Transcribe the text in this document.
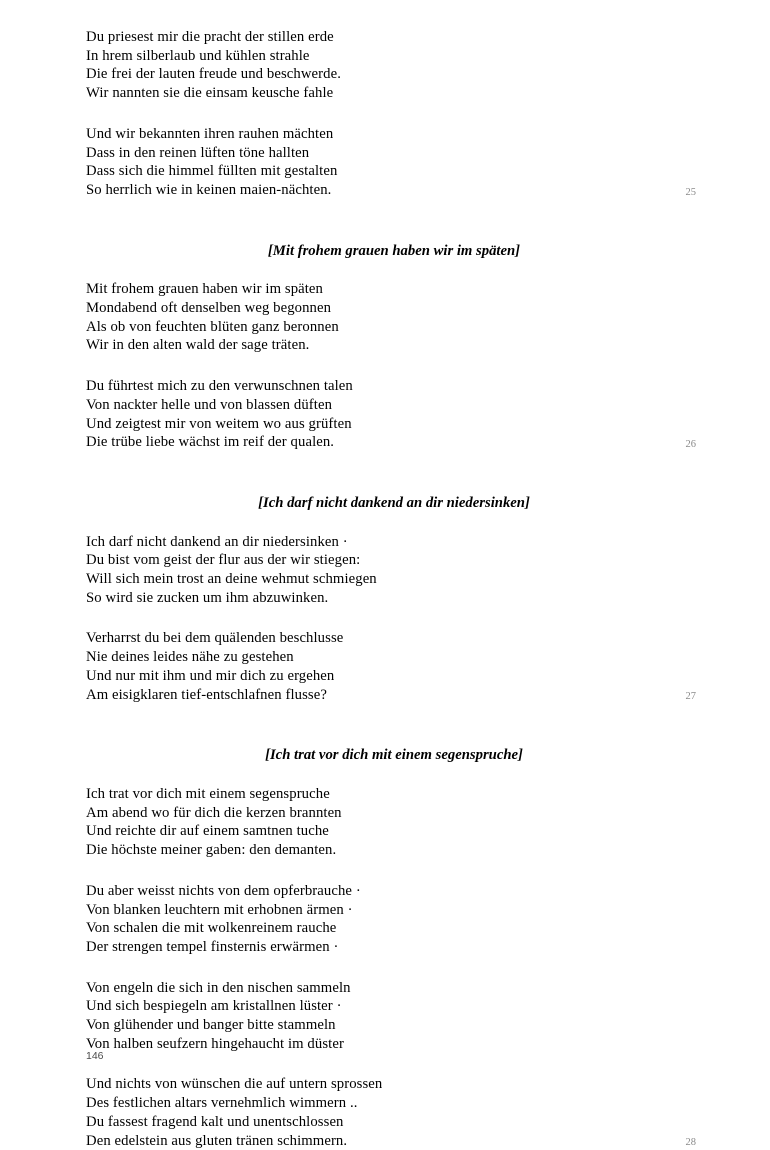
Du priesest mir die pracht der stillen erde
In hrem silberlaub und kühlen strahle
Die frei der lauten freude und beschwerde.
Wir nannten sie die einsam keusche fahle
Und wir bekannten ihren rauhen mächten
Dass in den reinen lüften töne hallten
Dass sich die himmel füllten mit gestalten
So herrlich wie in keinen maien-nächten.	25
[Mit frohem grauen haben wir im späten]
Mit frohem grauen haben wir im späten
Mondabend oft denselben weg begonnen
Als ob von feuchten blüten ganz beronnen
Wir in den alten wald der sage träten.
Du führtest mich zu den verwunschnen talen
Von nackter helle und von blassen düften
Und zeigtest mir von weitem wo aus grüften
Die trübe liebe wächst im reif der qualen.	26
[Ich darf nicht dankend an dir niedersinken]
Ich darf nicht dankend an dir niedersinken ·
Du bist vom geist der flur aus der wir stiegen:
Will sich mein trost an deine wehmut schmiegen
So wird sie zucken um ihm abzuwinken.
Verharrst du bei dem quälenden beschlusse
Nie deines leides nähe zu gestehen
Und nur mit ihm und mir dich zu ergehen
Am eisigklaren tief-entschlafnen flusse?	27
[Ich trat vor dich mit einem segenspruche]
Ich trat vor dich mit einem segenspruche
Am abend wo für dich die kerzen brannten
Und reichte dir auf einem samtnen tuche
Die höchste meiner gaben: den demanten.
Du aber weisst nichts von dem opferbrauche ·
Von blanken leuchtern mit erhobnen ärmen ·
Von schalen die mit wolkenreinem rauche
Der strengen tempel finsternis erwärmen ·
Von engeln die sich in den nischen sammeln
Und sich bespiegeln am kristallnen lüster ·
Von glühender und banger bitte stammeln
Von halben seufzern hingehaucht im düster
Und nichts von wünschen die auf untern sprossen
Des festlichen altars vernehmlich wimmern ..
Du fassest fragend kalt und unentschlossen
Den edelstein aus gluten tränen schimmern.	28
146
